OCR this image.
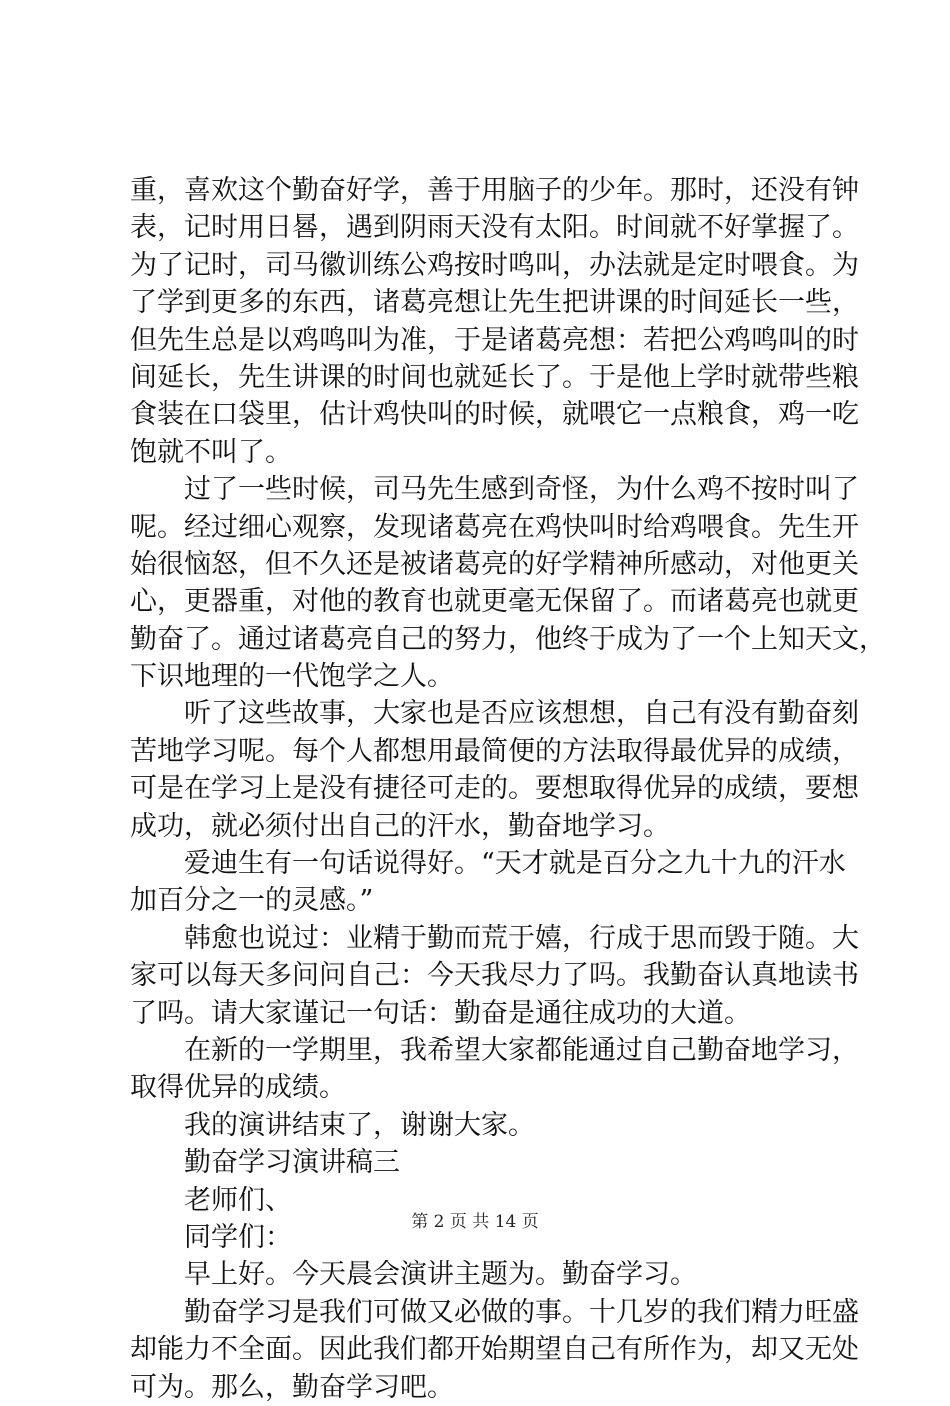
重，喜欢这个勤奋好学，善于用脑子的少年。那时，还没有钟
表，记时用日晷，遇到阴雨天没有太阳。时间就不好掌握了。
为了记时，司马徽训练公鸡按时鸣叫，办法就是定时喂食。为
了学到更多的东西，诸葛亮想让先生把讲课的时间延长一些，
但先生总是以鸡鸣叫为准，于是诸葛亮想：若把公鸡鸣叫的时
间延长，先生讲课的时间也就延长了。于是他上学时就带些粮
食装在口袋里，估计鸡快叫的时候，就喂它一点粮食，鸡一吃
饱就不叫了。
过了一些时候，司马先生感到奇怪，为什么鸡不按时叫了
呢。经过细心观察，发现诸葛亮在鸡快叫时给鸡喂食。先生开
始很恼怒，但不久还是被诸葛亮的好学精神所感动，对他更关
心，更器重，对他的教育也就更毫无保留了。而诸葛亮也就更
勤奋了。通过诸葛亮自己的努力，他终于成为了一个上知天文，
下识地理的一代饱学之人。
听了这些故事，大家也是否应该想想，自己有没有勤奋刻
苦地学习呢。每个人都想用最简便的方法取得最优异的成绩，
可是在学习上是没有捷径可走的。要想取得优异的成绩，要想
成功，就必须付出自己的汗水，勤奋地学习。
爱迪生有一句话说得好。“天才就是百分之九十九的汗水
加百分之一的灵感。”
韩愈也说过：业精于勤而荒于嬉，行成于思而毁于随。大
家可以每天多问问自己：今天我尽力了吗。我勤奋认真地读书
了吗。请大家谨记一句话：勤奋是通往成功的大道。
在新的一学期里，我希望大家都能通过自己勤奋地学习，
取得优异的成绩。
我的演讲结束了，谢谢大家。
勤奋学习演讲稿三
老师们、
同学们：
早上好。今天晨会演讲主题为。勤奋学习。
勤奋学习是我们可做又必做的事。十几岁的我们精力旺盛
却能力不全面。因此我们都开始期望自己有所作为，却又无处
可为。那么，勤奋学习吧。
第 2 页 共 14 页
